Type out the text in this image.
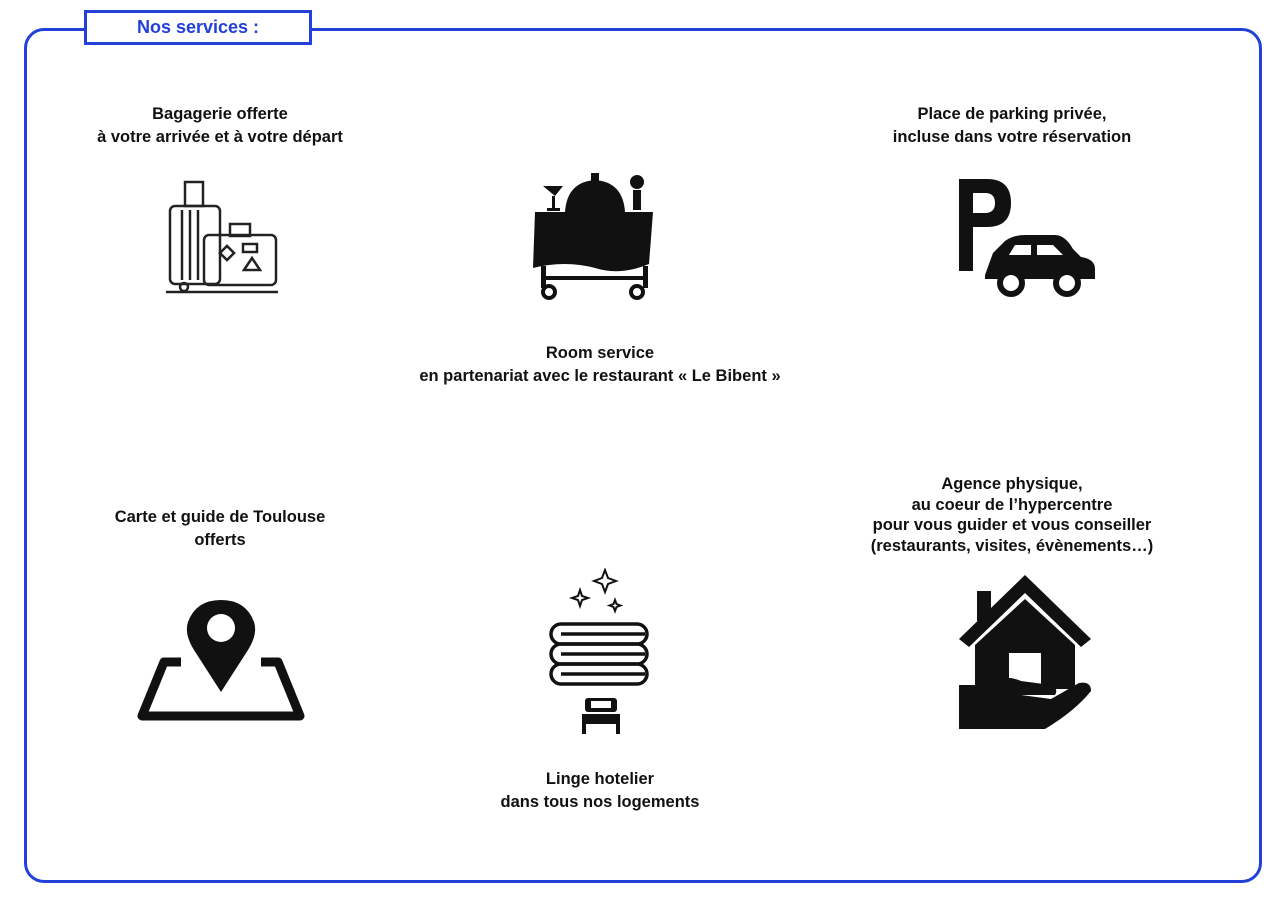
Nos services :
Bagagerie offerte
à votre arrivée et à votre départ
Room service
en partenariat avec le restaurant « Le Bibent »
Place de parking privée,
incluse dans votre réservation
Carte et guide de Toulouse
offerts
Linge hotelier
dans tous nos logements
Agence physique,
au coeur de l’hypercentre
pour vous guider et vous conseiller
(restaurants, visites, évènements…)
